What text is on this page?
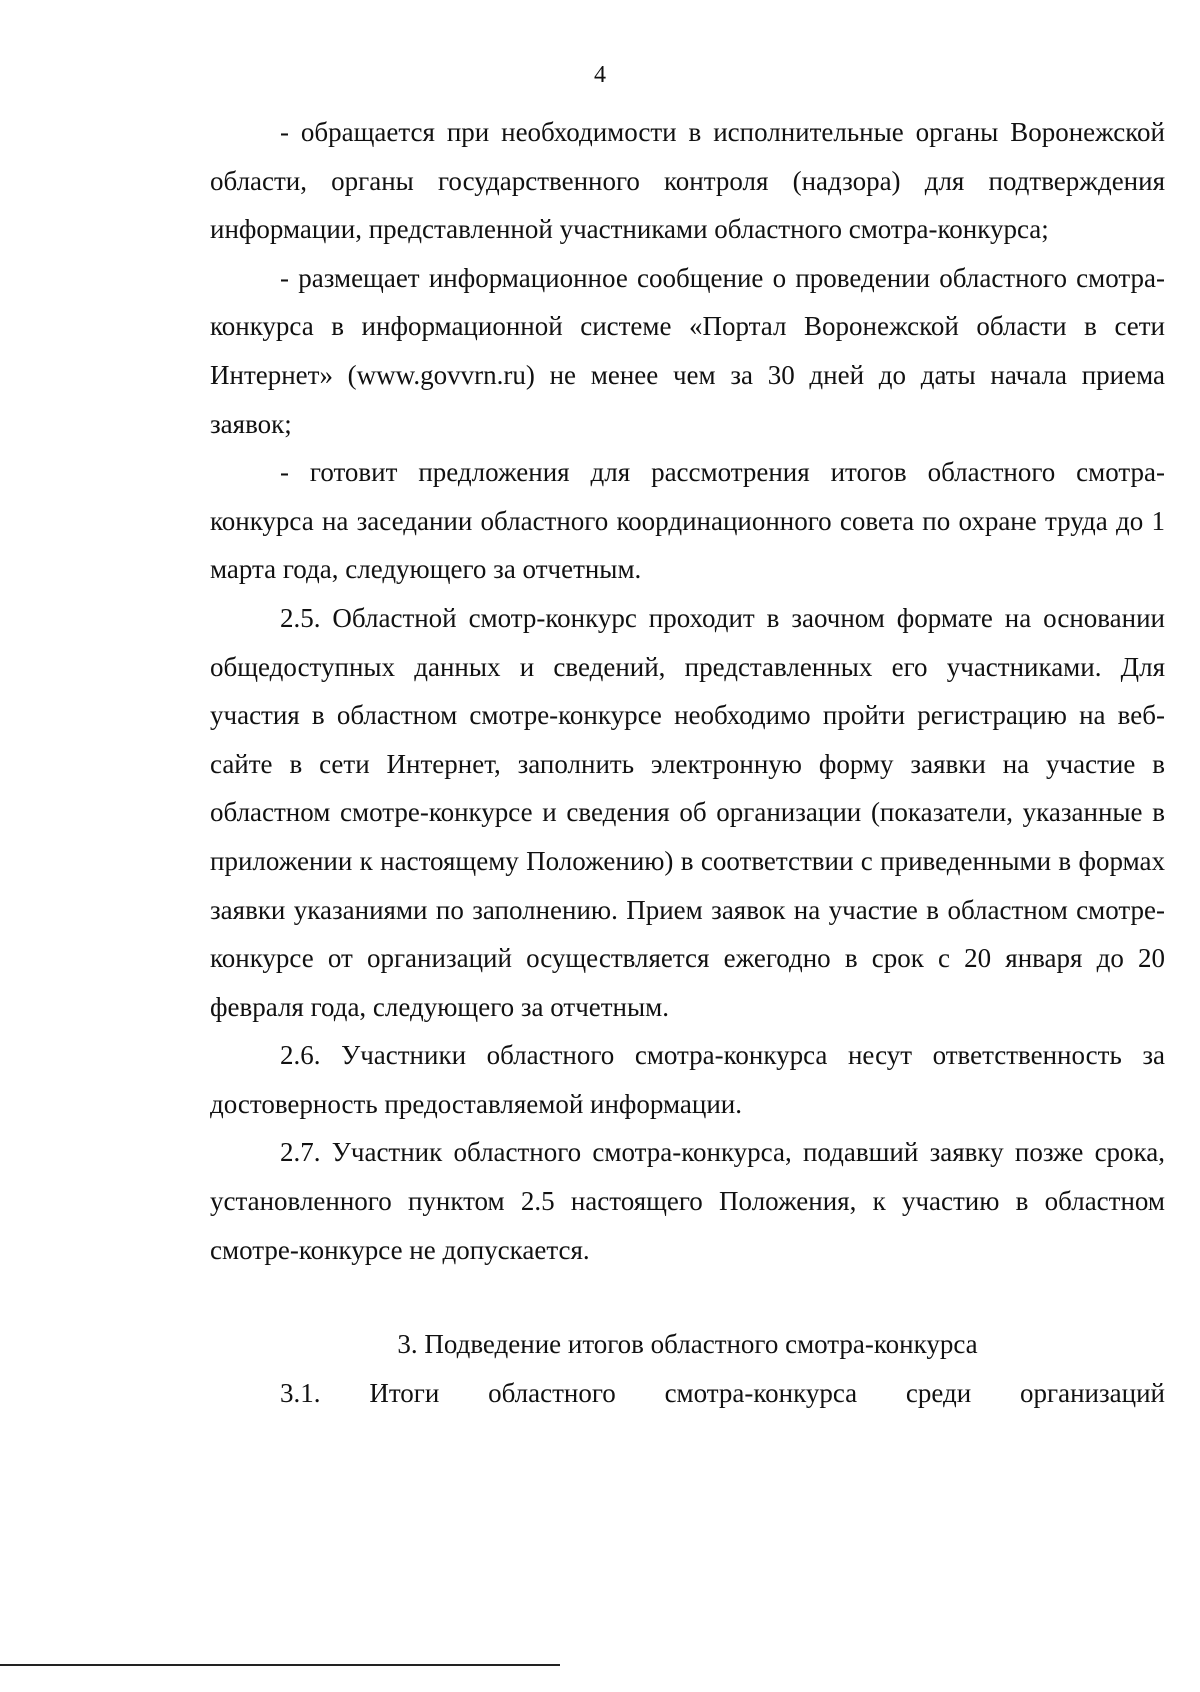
4

- обращается при необходимости в исполнительные органы Воронежской области, органы государственного контроля (надзора) для подтверждения информации, представленной участниками областного смотра-конкурса;

- размещает информационное сообщение о проведении областного смотра-конкурса в информационной системе «Портал Воронежской области в сети Интернет» (www.govvrn.ru) не менее чем за 30 дней до даты начала приема заявок;

- готовит предложения для рассмотрения итогов областного смотра-конкурса на заседании областного координационного совета по охране труда до 1 марта года, следующего за отчетным.

2.5. Областной смотр-конкурс проходит в заочном формате на основании общедоступных данных и сведений, представленных его участниками. Для участия в областном смотре-конкурсе необходимо пройти регистрацию на веб-сайте в сети Интернет, заполнить электронную форму заявки на участие в областном смотре-конкурсе и сведения об организации (показатели, указанные в приложении к настоящему Положению) в соответствии с приведенными в формах заявки указаниями по заполнению. Прием заявок на участие в областном смотре-конкурсе от организаций осуществляется ежегодно в срок с 20 января до 20 февраля года, следующего за отчетным.

2.6. Участники областного смотра-конкурса несут ответственность за достоверность предоставляемой информации.

2.7. Участник областного смотра-конкурса, подавший заявку позже срока, установленного пунктом 2.5 настоящего Положения, к участию в областном смотре-конкурсе не допускается.

3. Подведение итогов областного смотра-конкурса

3.1. Итоги областного смотра-конкурса среди организаций
